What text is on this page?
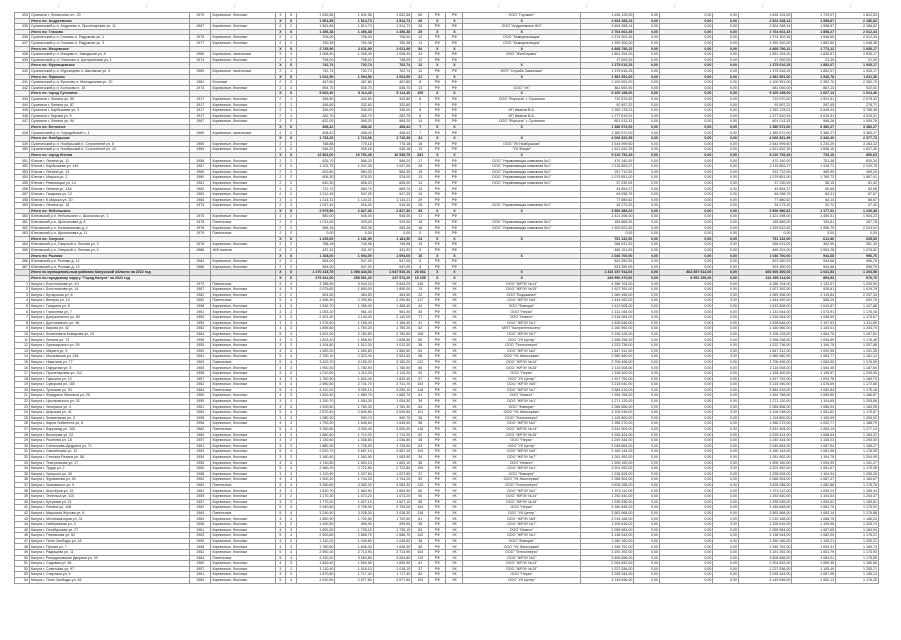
'	'	'	'	'	'	'	'	'	'
434	Сухиничи г, Ленинская пл., 20	1970	Кирпичные, блочные	3	5	1 635,56	1 632,56	1 632,56	60	РФ	РФ	ООО "Горчкинг"	1 635 125,00	0,00	0,00	0,00	1 635 125,00	1 729,07	1 812,53
	Итого по: Андреевское			X	X	1 561,85	1 514,73	1 514,73	26	X	X	X	2 604 268,14	0,00	0,00	0,00	2 604 268,14	1 598,87	2 186,82
435	Сухиничский р-н, Андреево п, Пролетарская ул, 11	1967	Кирпичные, блочные	2	2	1 561,85	1 514,73	1 514,73	26	РФ	РФ	ООО "Андреевское ЖХ"	2 604 268,14	0,00	0,00	0,00	2 604 268,14	1 598,87	2 186,82
	Итого по: Глазово			X	X	1 456,38	1 456,38	1 456,38	25	X	X	X	2 764 602,45	0,00	0,00	0,00	2 764 602,45	1 898,27	2 012,34
436	Сухиничский р-н, Глазово п, Радужная ул, 1	1975	Кирпичные, блочные	2	1	706,00	706,00	706,00	12	РФ	РФ	ООО "Коммунальщик"	1 374 302,45	0,00	0,00	0,00	1 374 302,45	1 946,60	2 012,34
437	Сухиничский р-н, Глазово п, Радужная ул, 3	1977	Кирпичные, блочные	2	2	750,38	750,38	750,38	13	РФ	РФ	ООО "Коммунальщик"	1 390 300,00	0,00	0,00	0,00	1 390 300,00	1 852,80	1 948,36
	Итого по: Мещовское			X	X	2 745,90	2 611,90	2 611,90	54	X	X	X	4 868 796,22	0,00	0,00	0,00	4 868 796,22	1 773,12	1 935,17
438	Сухиничский р-н, Мещово п, Заводская ул, 8	1980	Кирпичные, панельные	3	3	1 008,40	1 008,40	1 008,40	24	РФ	РФ	ООО "ЖилСервис"	1 851 294,00	0,00	0,00	0,00	1 851 294,00	1 835,87	1 935,17
439	Сухиничский р-н, Глинково п, Центральная ул, 1	1974	Кирпичные, блочные	2	2	798,00	798,00	798,00	12	РФ	РФ		17 000,00	0,00	0,00	0,00	17 000,00	21,30	21,30
	Итого по: Муромцевское			X	X	742,74	702,74	702,74	12	X	X	X	1 375 616,25	0,00	0,00	0,00	1 375 616,25	1 852,07	1 935,17
440	Сухиничский р-н, Муромцево п, Школьная ул, 3	1969	Кирпичные, панельные	2	1	742,74	702,74	702,74	12	РФ	РФ	МУП "Служба Заказчика"	1 375 616,25	0,00	0,00	0,00	1 375 616,25	1 852,07	1 935,17
	Итого по: Фролово			X	X	1 022,50	1 004,50	1 004,50	21	X	X	X	1 581 591,00	0,00	0,00	0,00	1 581 591,00	1 546,78	1 811,36
441	Сухиничский р-н, Фролово п, Молодежная ул, 10	1981	Блочные	2	2	467,80	467,80	467,80	8	РФ	РФ		1 100 591,00	0,00	0,00	0,00	1 100 591,00	2 352,70	2 352,70
442	Сухиничский р-н, Колосово п, 16	1974	Кирпичные, блочные	2	3	554,70	536,70	536,70	13	РФ	РФ	ООО "УК"	481 000,00	0,00	0,00	0,00	481 000,00	867,14	922,51
	Итого по: город Сухиничи			X	X	5 662,40	5 114,40	5 114,40	106	X	X	X	9 100 198,00	0,00	0,00	0,00	9 100 198,00	1 607,13	1 913,46
443	Сухиничи г, Ленина ул, 55	1917	Кирпичные, блочные	2	1	356,80	342,80	342,80	8	РФ	РФ	ООО "Фортуна" г. Сухиничи	710 570,00	0,00	0,00	0,00	710 570,00	1 991,51	2 078,33
444	Сухиничи г, Ленина ул, 87	1917	Кирпичные, блочные	2	1	346,60	332,60	332,60	7	РФ	РФ		92 697,22	0,00	0,00	0,00	92 697,22	267,45	278,71
445	Сухиничи г, Карбышева ул, 3	1917	Кирпичные, блочные	2	1	356,00	336,00	336,00	8	РФ	РФ	ИП Иванов В.А.	1 262 178,01	0,00	0,00	0,00	1 262 178,01	3 545,44	3 756,48
446	Сухиничи г, Кирова ул, 5	1917	Кирпичные, блочные	2	1	282,70	282,70	282,70	6	РФ	РФ	ИП Иванов В.А.	1 277 610,91	0,00	0,00	0,00	1 277 610,91	4 519,31	4 519,31
447	Сухиничи г, Ленина ул, 94	1967	Кирпичные, блочные	2	2	622,00	595,20	595,20	14	РФ	РФ	ООО "Фортуна" г. Сухиничи	601 013,33	0,00	0,00	0,00	601 013,33	966,26	1 009,76
	Итого по: Бетонное			X	X	408,42	408,42	408,42	7	X	X	X	1 380 572,00	0,00	0,00	0,00	1 380 572,00	3 380,27	3 380,27
448	Сухиничский р-н, Середейский п, 4	1969	Кирпичные, панельные	2	2	408,42	408,42	408,42	7	РФ	РФ		1 380 572,00	0,00	0,00	0,00	1 380 572,00	3 380,27	3 380,27
	Итого по: Ноябрьское			X	X	1 733,20	1 710,36	1 710,36	31	X	X	X	4 066 831,99	0,00	0,00	0,00	4 066 831,99	2 346,40	2 377,73
449	Сухиничский р-н, Ноябрьский п, Строителей ул, 8	1965	Кирпичные, блочные	2	2	786,88	775,18	775,18	16	РФ	РФ	ООО "УК Ноябрьская"	2 544 999,60	0,00	0,00	0,00	2 544 999,60	3 234,29	3 283,12
450	Сухиничский р-н, Ноябрьский п, Строителей ул, 10	1969	Кирпичные, блочные	2	2	946,32	935,18	935,18	15	РФ	РФ	"УК Ферум"	1 521 832,39	0,00	0,00	0,00	1 521 832,39	1 608,16	1 627,30
	Итого по: город Юхнов			X	X	12 563,00	10 752,45	10 539,75	281	X	X	X	9 210 752,49	0,00	0,00	0,00	9 210 752,49	733,16	856,63
451	Юхнов г, Ленина ул, 11	1958	Кирпичные, блочные	2	2	625,70	566,20	566,20	17	РФ	РФ	ООО "Управляющая компания №1"	470 140,00	0,00	0,00	0,00	470 140,00	751,38	830,34
452	Юхнов г, Карбышева ул, 14б	1967	Кирпичные, блочные	3	3	1 102,75	1 047,05	1 047,05	28	РФ	РФ	ООО "Управляющая компания №1"	2 115 853,27	0,00	0,00	0,00	2 115 853,27	1 918,71	2 020,78
453	Юхнов г, Ленина ул, 13	1960	Кирпичные, блочные	2	2	620,80	584,30	584,30	15	РФ	РФ	ООО "Управляющая компания №1"	291 712,00	0,00	0,00	0,00	291 712,00	469,90	499,25
454	Юхнов г, Маркса ул, 2	1960	Кирпичные, блочные	2	2	606,30	578,00	578,00	13	РФ	РФ	ООО "Управляющая компания №1"	1 079 651,00	0,00	0,00	0,00	1 079 651,00	1 780,72	1 867,91
455	Юхнов г, Революции ул, 14	1961	Кирпичные, блочные	2	2	640,30	606,20	606,20	14	РФ	РФ	ООО "Управляющая компания №1"	37 230,09	0,00	0,00	0,00	37 230,09	58,15	61,42
456	Юхнов г, Ленина ул, 13А	1962	Кирпичные, блочные	2	2	722,70	689,70	689,70	15	РФ	РФ		43 854,37	0,00	0,00	0,00	43 854,37	60,68	63,58
457	Юхнов г, Гагарина ул, 12	1963	Кирпичные, блочные	2	2	1 012,45	947,25	947,25	19	РФ	РФ		64 098,79	0,00	0,00	0,00	64 098,79	63,31	67,67
458	Юхнов г, К.Маркса ул, 20	1966	Кирпичные, блочные	3	2	1 214,31	1 134,21	1 134,21	29	РФ	РФ		77 880,62	0,00	0,00	0,00	77 880,62	64,14	68,67
459	Юхнов г, Ленина ул, 15	1974	Кирпичные, блочные	2	3	1 047,40	916,30	916,30	26	РФ	РФ	ООО "Управляющая компания №1"	34 273,20	0,00	0,00	0,00	34 273,20	32,72	37,40
	Итого по: Небольсино			X	X	2 979,56	2 827,36	2 827,36	53	X	X	X	3 506 986,62	0,00	0,00	0,00	3 506 986,62	1 177,02	1 240,38
460	Юхновский р-н, Небольсино с, Школьная ул, 1	1970	Кирпичные, блочные	2	2	980,00	945,00	945,00	17	РФ	РФ		1 421 498,00	0,00	0,00	0,00	1 421 498,00	1 450,51	1 504,23
461	Юхновский р-н, Щелкановка д, 8	1978	Панельные	2	2	1 013,40	929,00	929,00	18	РФ	РФ	ООО "Управляющая компания №1"	155 866,00	0,00	0,00	0,00	155 866,00	153,81	167,78
462	Юхновский р-н, Колыхманово д, 2	1978	Кирпичные, блочные	2	2	986,16	953,36	953,36	18	РФ	РФ	ООО "Управляющая компания №1"	1 929 622,62	0,00	0,00	0,00	1 929 622,62	1 956,70	2 024,02
463	Юхновский р-н, Щелкановка д, 11	1979	Панельные	2	2	0,00	0,00	0,00	0	РФ	РФ		0,00	0,00	0,00	0,00	0,00	0,00	0,00
	Итого по: Озерное			X	X	1 225,60	1 181,90	1 181,90	24	X	X	X	751 132,00	0,00	0,00	0,00	751 132,00	612,86	635,53
464	Юхновский р-н, Озерный п, Лесная ул, 3	1976	Кирпичные, блочные	2	2	788,18	749,98	749,98	15	РФ	РФ		286 031,00	0,00	0,00	0,00	286 031,00	362,90	381,39
465	Юхновский р-н, Озерный п, Лесная ул, 4	1986	Ж/б панели	2	2	437,42	431,92	431,92	9	РФ	РФ		465 101,00	0,00	0,00	0,00	465 101,00	1 063,28	1 076,82
	Итого по: Рыляки			X	X	1 108,00	1 094,00	1 094,00	16	X	X	X	1 046 700,00	0,00	0,00	0,00	1 046 700,00	944,68	956,76
466	Юхновский р-н, Рыляки д, 12	1984	Кирпичные, блочные	2	2	554,00	547,00	547,00	8	РФ	РФ		523 350,00	0,00	0,00	0,00	523 350,00	944,68	956,76
467	Юхновский р-н, Рыляки д, 13	1986	Кирпичные, блочные	2	2	554,00	547,00	547,00	8	РФ	РФ		523 350,00	0,00	0,00	0,00	523 350,00	944,68	956,76
	Итого по муниципальным районам Калужской области на 2022 год			X	X	1 270 418,75	1 098 444,02	1 047 510,16	26 661	X	X	X	1 323 157 914,03	0,00	862 857 614,00	0,00	460 300 300,03	1 041,53	1 204,58
	Итого по городскому округу "Город Калуга" на 2022 год			X	X	279 341,00	255 961,20	247 974,20	10 155	X	X	X	249 990 270,00	0,00	8 591 156,00	0,00	241 399 114,00	894,93	976,70
1	Калуга г, Болотникова ул, 4/1	1972	Панельные	5	4	3 786,60	3 544,20	3 544,20	139	РФ	УК	ООО "ЖРЭУ №14"	4 286 704,00	0,00	0,00	0,00	4 286 704,00	1 132,07	1 209,50
2	Калуга г, Болотникова ул, 14	1967	Кирпичные, блочные	4	3	2 079,60	1 890,00	1 890,00	74	РФ	УК	ООО "ЖРЭУ №15"	1 927 392,00	0,00	0,00	0,00	1 927 392,00	926,81	1 019,78
3	Калуга г, Бутырская ул, 6	1962	Кирпичные, блочные	2	2	504,50	484,50	484,50	22	РФ	УК	ООО "Водоканал"	1 069 456,00	0,00	0,00	0,00	1 069 456,00	2 119,84	2 207,34
4	Калуга г, Венеры ул, 10	1962	Панельные	5	4	2 456,30	2 290,80	2 290,80	117	РФ	УК	ООО "ЖРЭУ №5"	1 444 992,00	0,00	0,00	0,00	1 444 992,00	588,29	630,78
5	Калуга г, Гагарина ул, 8	1958	Кирпичные, блочные	4	3	1 545,70	1 456,40	1 456,40	44	РФ	УК	ООО "Фаворит"	1 613 508,00	0,00	0,00	0,00	1 613 508,00	1 043,87	1 107,88
6	Калуга г, Глаголева ул, 7	1961	Кирпичные, блочные	3	2	1 053,20	961,40	961,40	45	РФ	УК	ООО "Нерис"	1 131 044,00	0,00	0,00	0,00	1 131 044,00	1 073,91	1 176,45
7	Калуга г, Дзержинского ул, 80	1960	Кирпичные, блочные	4	3	2 401,40	2 140,00	2 140,00	77	РФ	УК	ООО "Инвест"	2 518 084,00	0,00	0,00	0,00	2 518 084,00	1 048,59	1 176,67
8	Калуга г, Достоевского ул, 46	1959	Кирпичные, блочные	3	2	1 276,50	1 165,40	1 165,40	41	РФ	УК	ООО "ЖРЭУ №1"	1 528 648,00	0,00	0,00	0,00	1 528 648,00	1 197,53	1 311,69
9	Калуга г, Кирова ул, 42	1962	Кирпичные, блочные	4	3	1 895,60	1 750,20	1 750,20	62	РФ	УК	МУП "Калугатеплосеть"	2 160 960,00	0,00	0,00	0,00	2 160 960,00	1 140,01	1 234,70
10	Калуга г, Космонавта Комарова ул, 24	1964	Кирпичные, блочные	5	4	3 001,90	2 760,50	2 760,50	108	РФ	УК	ООО "ЖРЭУ №7"	3 196 128,00	0,00	0,00	0,00	3 196 128,00	1 064,70	1 157,81
11	Калуга г, Ленина ул, 73	1956	Кирпичные, блочные	4	3	1 823,40	1 698,50	1 698,50	60	РФ	УК	ООО "УК Центр"	1 998 256,00	0,00	0,00	0,00	1 998 256,00	1 095,89	1 176,48
12	Калуга г, Луначарского ул, 39	1955	Кирпичные, блочные	3	2	1 104,80	1 012,30	1 012,30	38	РФ	УК	ООО "Теплоэнерго"	1 222 736,00	0,00	0,00	0,00	1 222 736,00	1 106,75	1 207,88
13	Калуга г, Марата ул, 9	1960	Кирпичные, блочные	4	3	1 690,20	1 550,60	1 550,60	54	РФ	УК	ООО "ЖРЭУ №2"	1 847 312,00	0,00	0,00	0,00	1 847 312,00	1 092,95	1 191,35
14	Калуга г, Московская ул, 246	1961	Кирпичные, блочные	5	4	2 750,10	2 523,40	2 523,40	98	РФ	УК	ООО "УК Жилсервис"	2 980 480,00	0,00	0,00	0,00	2 980 480,00	1 083,77	1 181,14
15	Калуга г, Никитина ул, 77	1963	Панельные	5	4	3 420,70	3 150,20	3 150,20	122	РФ	УК	ООО "ЖРЭУ №14"	3 706 496,00	0,00	0,00	0,00	3 706 496,00	1 083,55	1 176,59
16	Калуга г, Окружная ул, 5	1965	Кирпичные, блочные	4	3	1 950,30	1 780,90	1 780,90	66	РФ	УК	ООО "ЖРЭУ №15"	2 115 008,00	0,00	0,00	0,00	2 115 008,00	1 084,45	1 187,60
17	Калуга г, Пролетарская ул, 112	1958	Кирпичные, блочные	3	2	1 210,60	1 110,20	1 110,20	40	РФ	УК	ООО "Нерис"	1 338 400,00	0,00	0,00	0,00	1 338 400,00	1 105,57	1 205,55
18	Калуга г, Пушкина ул, 10	1957	Кирпичные, блочные	4	3	1 760,90	1 620,40	1 620,40	57	РФ	УК	ООО "УК Центр"	1 927 792,00	0,00	0,00	0,00	1 927 792,00	1 094,78	1 189,70
19	Калуга г, Суворова ул, 160	1962	Кирпичные, блочные	5	4	2 980,50	2 741,70	2 741,70	104	РФ	УК	ООО "ЖРЭУ №5"	3 215 040,00	0,00	0,00	0,00	3 215 040,00	1 078,69	1 172,65
20	Калуга г, Тульская ул, 93	1964	Панельные	5	4	3 310,20	3 050,10	3 050,10	118	РФ	УК	ООО "ЖРЭУ №7"	3 584 416,00	0,00	0,00	0,00	3 584 416,00	1 082,84	1 175,18
21	Калуга г, Фридриха Энгельса ул, 25	1960	Кирпичные, блочные	4	3	1 830,40	1 680,70	1 680,70	61	РФ	УК	ООО "Инвест"	1 994 768,00	0,00	0,00	0,00	1 994 768,00	1 089,80	1 186,87
22	Калуга г, Циолковского ул, 32	1959	Кирпичные, блочные	3	2	1 150,70	1 054,30	1 054,30	39	РФ	УК	ООО "ЖРЭУ №1"	1 271 120,00	0,00	0,00	0,00	1 271 120,00	1 104,65	1 205,66
23	Калуга г, Чичерина ул, 4	1961	Кирпичные, блочные	4	3	1 920,60	1 760,30	1 760,30	64	РФ	УК	ООО "Фаворит"	2 085 856,00	0,00	0,00	0,00	2 085 856,00	1 086,04	1 184,95
24	Калуга г, Широкая ул, 41	1963	Кирпичные, блочные	5	4	2 870,40	2 640,80	2 640,80	101	РФ	УК	ООО "УК Жилсервис"	3 105 248,00	0,00	0,00	0,00	3 105 248,00	1 081,82	1 175,87
25	Калуга г, Знаменская ул, 3	1956	Кирпичные, блочные	3	2	1 080,30	990,70	990,70	36	РФ	УК	ООО "Теплоэнерго"	1 194 800,00	0,00	0,00	0,00	1 194 800,00	1 105,99	1 206,02
26	Калуга г, Карла Либкнехта ул, 8	1958	Кирпичные, блочные	4	3	1 790,20	1 645,60	1 645,60	58	РФ	УК	ООО "ЖРЭУ №2"	1 956 272,00	0,00	0,00	0,00	1 956 272,00	1 092,77	1 188,79
27	Калуга г, Баррикад ул, 163	1962	Панельные	5	4	3 260,80	3 000,40	3 000,40	116	РФ	УК	ООО "ЖРЭУ №14"	3 531 904,00	0,00	0,00	0,00	3 531 904,00	1 083,14	1 177,14
28	Калуга г, Вилонова ул, 22	1960	Кирпичные, блочные	4	3	1 860,50	1 710,20	1 710,20	62	РФ	УК	ООО "ЖРЭУ №15"	2 025 424,00	0,00	0,00	0,00	2 025 424,00	1 088,64	1 184,32
29	Калуга г, Рылеева ул, 18	1957	Кирпичные, блочные	3	2	1 130,60	1 036,80	1 036,80	38	РФ	УК	ООО "Нерис"	1 249 344,00	0,00	0,00	0,00	1 249 344,00	1 105,03	1 205,00
30	Калуга г, Салтыкова-Щедрина ул, 71	1961	Кирпичные, блочные	4	3	1 880,30	1 725,90	1 725,90	63	РФ	УК	ООО "УК Центр"	2 045 664,00	0,00	0,00	0,00	2 045 664,00	1 087,94	1 185,27
31	Калуга г, Смоленская ул, 12	1963	Кирпичные, блочные	5	4	2 920,70	2 687,10	2 687,10	103	РФ	УК	ООО "ЖРЭУ №5"	3 160 144,00	0,00	0,00	0,00	3 160 144,00	1 081,98	1 176,05
32	Калуга г, Степана Разина ул, 58	1959	Кирпичные, блочные	3	2	1 160,40	1 063,90	1 063,90	39	РФ	УК	ООО "ЖРЭУ №7"	1 281 952,00	0,00	0,00	0,00	1 281 952,00	1 104,75	1 204,95
33	Калуга г, Театральная ул, 17	1955	Кирпичные, блочные	4	3	1 740,80	1 600,10	1 600,10	56	РФ	УК	ООО "Инвест"	1 906 160,00	0,00	0,00	0,00	1 906 160,00	1 094,99	1 191,27
34	Калуга г, Труда ул, 2	1960	Кирпичные, блочные	5	4	2 960,20	2 722,80	2 722,80	105	РФ	УК	ООО "ЖРЭУ №1"	3 201 952,00	0,00	0,00	0,00	3 201 952,00	1 081,67	1 175,98
35	Калуга г, Урицкого ул, 30	1958	Кирпичные, блочные	3	2	1 120,90	1 027,60	1 027,60	37	РФ	УК	ООО "Фаворит"	1 238 528,00	0,00	0,00	0,00	1 238 528,00	1 104,94	1 205,26
36	Калуга г, Фурманова ул, 45	1962	Кирпичные, блочные	4	3	1 900,10	1 744,20	1 744,20	63	РФ	УК	ООО "УК Жилсервис"	2 066 304,00	0,00	0,00	0,00	2 066 304,00	1 087,47	1 184,67
37	Калуга г, Чижевского ул, 9	1964	Панельные	5	4	3 350,60	3 083,30	3 083,30	120	РФ	УК	ООО "Теплоэнерго"	3 628 288,00	0,00	0,00	0,00	3 628 288,00	1 082,88	1 176,76
38	Калуга г, Шахтёров ул, 15	1961	Кирпичные, блочные	4	3	1 810,70	1 663,90	1 663,90	60	РФ	УК	ООО "ЖРЭУ №2"	1 974 112,00	0,00	0,00	0,00	1 974 112,00	1 090,24	1 186,44
39	Калуга г, Энгельса ул, 110	1959	Кирпичные, блочные	3	2	1 170,30	1 073,20	1 073,20	40	РФ	УК	ООО "ЖРЭУ №14"	1 292 640,00	0,00	0,00	0,00	1 292 640,00	1 104,54	1 204,47
40	Калуга г, Кутузова ул, 21	1957	Кирпичные, блочные	4	3	1 770,20	1 627,10	1 627,10	58	РФ	УК	ООО "ЖРЭУ №15"	1 935 936,00	0,00	0,00	0,00	1 935 936,00	1 093,62	1 189,81
41	Калуга г, Ленина ул, 108	1962	Кирпичные, блочные	5	4	2 940,60	2 705,00	2 705,00	104	РФ	УК	ООО "Нерис"	3 180 848,00	0,00	0,00	0,00	3 180 848,00	1 081,70	1 175,92
42	Калуга г, Маршала Жукова ул, 6	1964	Панельные	5	4	3 290,40	3 028,30	3 028,30	118	РФ	УК	ООО "УК Центр"	3 563 968,00	0,00	0,00	0,00	3 563 968,00	1 083,14	1 176,88
43	Калуга г, Механизаторов ул, 31	1960	Кирпичные, блочные	4	3	1 850,90	1 700,50	1 700,50	61	РФ	УК	ООО "ЖРЭУ №5"	2 015 168,00	0,00	0,00	0,00	2 015 168,00	1 088,75	1 185,04
44	Калуга г, Набережная ул, 4	1956	Кирпичные, блочные	3	2	1 090,50	999,90	999,90	36	РФ	УК	ООО "ЖРЭУ №7"	1 205 616,00	0,00	0,00	0,00	1 205 616,00	1 105,56	1 205,74
45	Калуга г, Октябрьская ул, 27	1961	Кирпичные, блочные	4	3	1 890,30	1 735,10	1 735,10	63	РФ	УК	ООО "Инвест"	2 055 984,00	0,00	0,00	0,00	2 055 984,00	1 087,65	1 184,94
46	Калуга г, Плеханова ул, 52	1963	Кирпичные, блочные	5	4	2 900,80	2 668,70	2 668,70	102	РФ	УК	ООО "ЖРЭУ №1"	3 138 944,00	0,00	0,00	0,00	3 138 944,00	1 082,09	1 176,21
47	Калуга г, Поле Свободы ул, 18	1959	Кирпичные, блочные	3	2	1 140,20	1 045,60	1 045,60	38	РФ	УК	ООО "Фаворит"	1 260 160,00	0,00	0,00	0,00	1 260 160,00	1 105,21	1 205,21
48	Калуга г, Пухова ул, 7	1958	Кирпичные, блочные	4	3	1 780,60	1 636,30	1 636,30	58	РФ	УК	ООО "УК Жилсервис"	1 946 752,00	0,00	0,00	0,00	1 946 752,00	1 093,31	1 189,73
49	Калуга г, Радищева ул, 11	1962	Кирпичные, блочные	5	4	2 950,10	2 713,90	2 713,90	104	РФ	УК	ООО "Теплоэнерго"	3 191 392,00	0,00	0,00	0,00	3 191 392,00	1 081,79	1 175,94
50	Калуга г, Ромодановские Дворики ул, 39	1964	Панельные	5	4	3 330,20	3 064,80	3 064,80	119	РФ	УК	ООО "ЖРЭУ №2"	3 606 656,00	0,00	0,00	0,00	3 606 656,00	1 083,01	1 176,80
51	Калуга г, Садовая ул, 36	1960	Кирпичные, блочные	4	3	1 840,40	1 690,90	1 690,90	61	РФ	УК	ООО "ЖРЭУ №14"	2 004 832,00	0,00	0,00	0,00	2 004 832,00	1 089,35	1 185,66
52	Калуга г, Советская ул, 97	1957	Кирпичные, блочные	3	2	1 110,40	1 018,10	1 018,10	37	РФ	УК	ООО "ЖРЭУ №15"	1 227 536,00	0,00	0,00	0,00	1 227 536,00	1 105,49	1 205,71
53	Калуга г, Спартака ул, 5	1961	Кирпичные, блочные	4	3	1 870,80	1 717,40	1 717,40	62	РФ	УК	ООО "Нерис"	2 035 344,00	0,00	0,00	0,00	2 035 344,00	1 087,96	1 185,14
54	Калуга г, Поле Свободы ул, 46	1963	Кирпичные, блочные	5	4	2 910,50	2 677,60	2 677,60	103	РФ	УК	ООО "УК Центр"	3 149 536,00	0,00	0,00	0,00	3 149 536,00	1 082,13	1 176,25
